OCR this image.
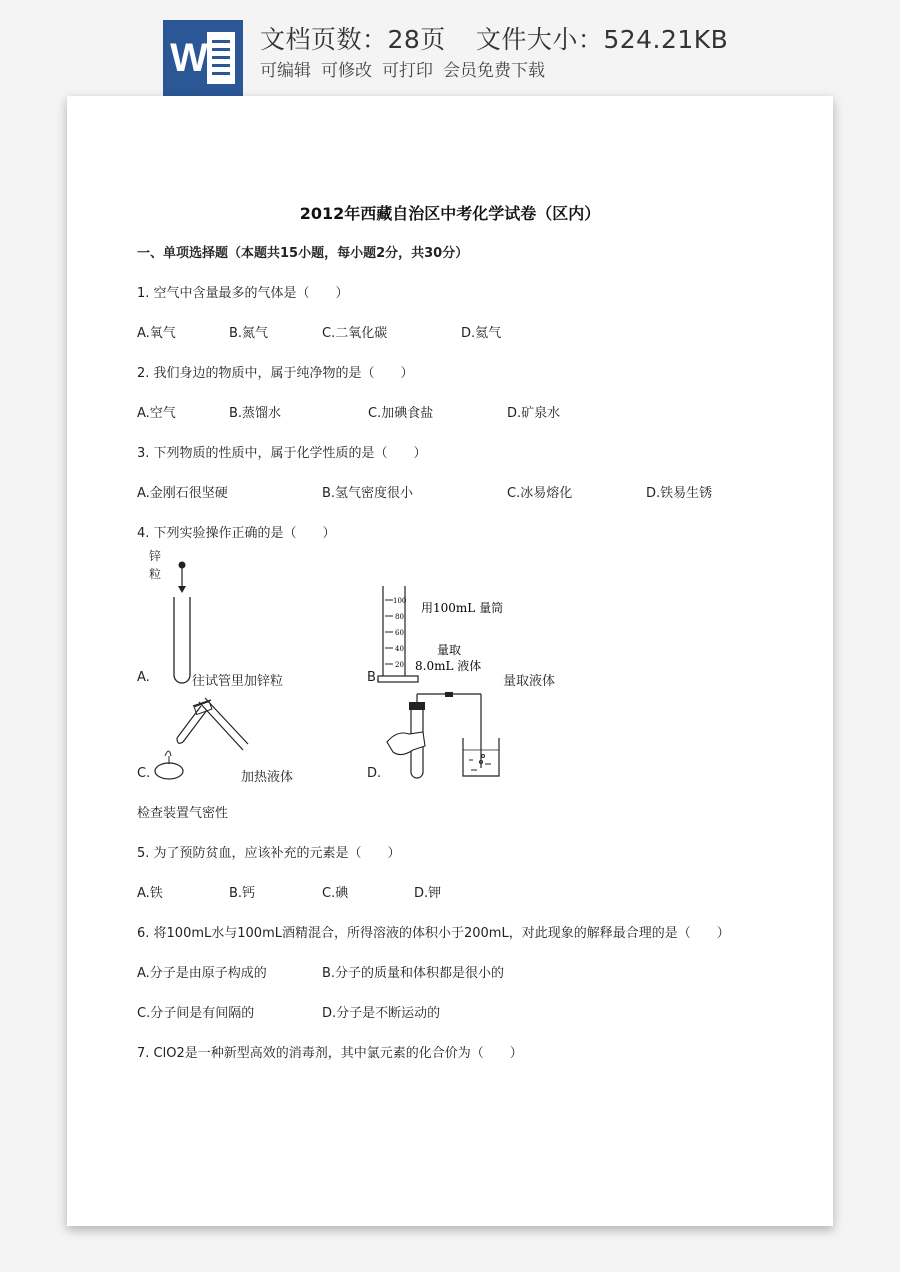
W 文档页数：28页 文件大小：524.21KB
可编辑 可修改 可打印 会员免费下载
2012年西藏自治区中考化学试卷（区内）
一、单项选择题（本题共15小题，每小题2分，共30分）
1. 空气中含量最多的气体是（　　）
A.氧气	B.氮气	C.二氧化碳	D.氦气
2. 我们身边的物质中，属于纯净物的是（　　）
A.空气	B.蒸馏水	C.加碘食盐	D.矿泉水
3. 下列物质的性质中，属于化学性质的是（　　）
A.金刚石很坚硬	B.氢气密度很小	C.冰易熔化	D.铁易生锈
4. 下列实验操作正确的是（　　）
锌
粒
A.	往试管里加锌粒
100
80
60
40
20
用100mL 量筒
量取
8.0mL 液体
B.	量取液体
C.	加热液体	D.
检查装置气密性
5. 为了预防贫血，应该补充的元素是（　　）
A.铁	B.钙	C.碘	D.钾
6. 将100mL水与100mL酒精混合，所得溶液的体积小于200mL，对此现象的解释最合理的是（　　）
A.分子是由原子构成的	B.分子的质量和体积都是很小的
C.分子间是有间隔的	D.分子是不断运动的
7. ClO2是一种新型高效的消毒剂，其中氯元素的化合价为（　　）
